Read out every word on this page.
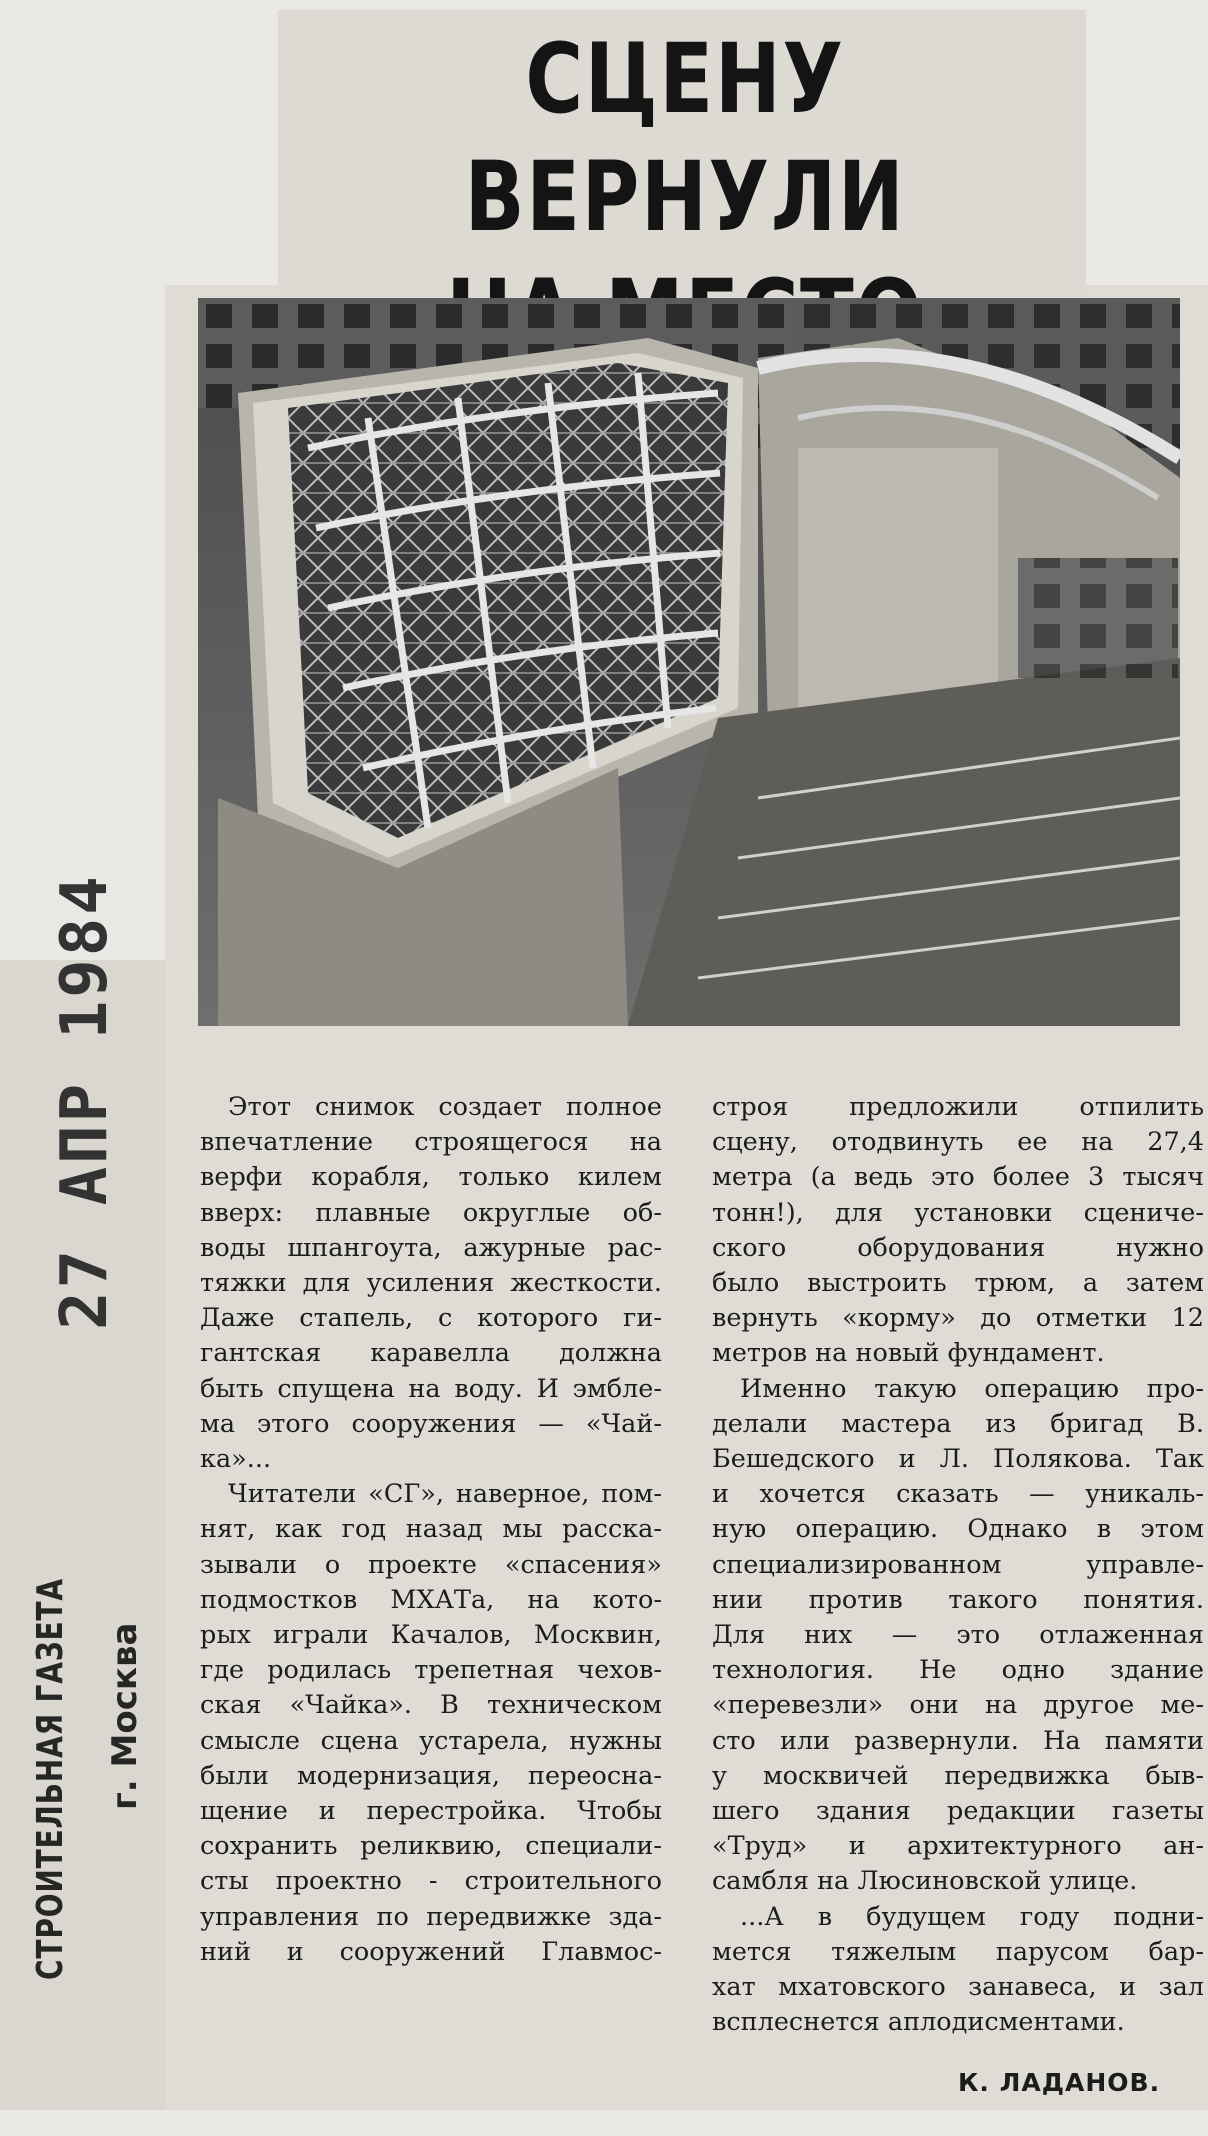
СЦЕНУ ВЕРНУЛИ
27 АПР 1984
СТРОИТЕЛЬНАЯ ГАЗЕТА г. Москва
Этот снимок создает полное
впечатление строящегося на
верфи корабля, только килем
вверх: плавные округлые об-
воды шпангоута, ажурные рас-
тяжки для усиления жесткости.
Даже стапель, с которого ги-
гантская каравелла должна
быть спущена на воду. И эмбле-
ма этого сооружения — «Чай-
ка»...
Читатели «СГ», наверное, пом-
нят, как год назад мы расска-
зывали о проекте «спасения»
подмостков МХАТа, на кото-
рых играли Качалов, Москвин,
где родилась трепетная чехов-
ская «Чайка». В техническом
смысле сцена устарела, нужны
были модернизация, переосна-
щение и перестройка. Чтобы
сохранить реликвию, специали-
сты проектно - строительного
управления по передвижке зда-
ний и сооружений Главмос-
строя предложили отпилить
сцену, отодвинуть ее на 27,4
метра (а ведь это более 3 тысяч
тонн!), для установки сцениче-
ского оборудования нужно
было выстроить трюм, а затем
вернуть «корму» до отметки 12
метров на новый фундамент.
Именно такую операцию про-
делали мастера из бригад В.
Бешедского и Л. Полякова. Так
и хочется сказать — уникаль-
ную операцию. Однако в этом
специализированном управле-
нии против такого понятия.
Для них — это отлаженная
технология. Не одно здание
«перевезли» они на другое ме-
сто или развернули. На памяти
у москвичей передвижка быв-
шего здания редакции газеты
«Труд» и архитектурного ан-
самбля на Люсиновской улице.
...А в будущем году подни-
мется тяжелым парусом бар-
хат мхатовского занавеса, и зал
всплеснется аплодисментами.
К. ЛАДАНОВ.
